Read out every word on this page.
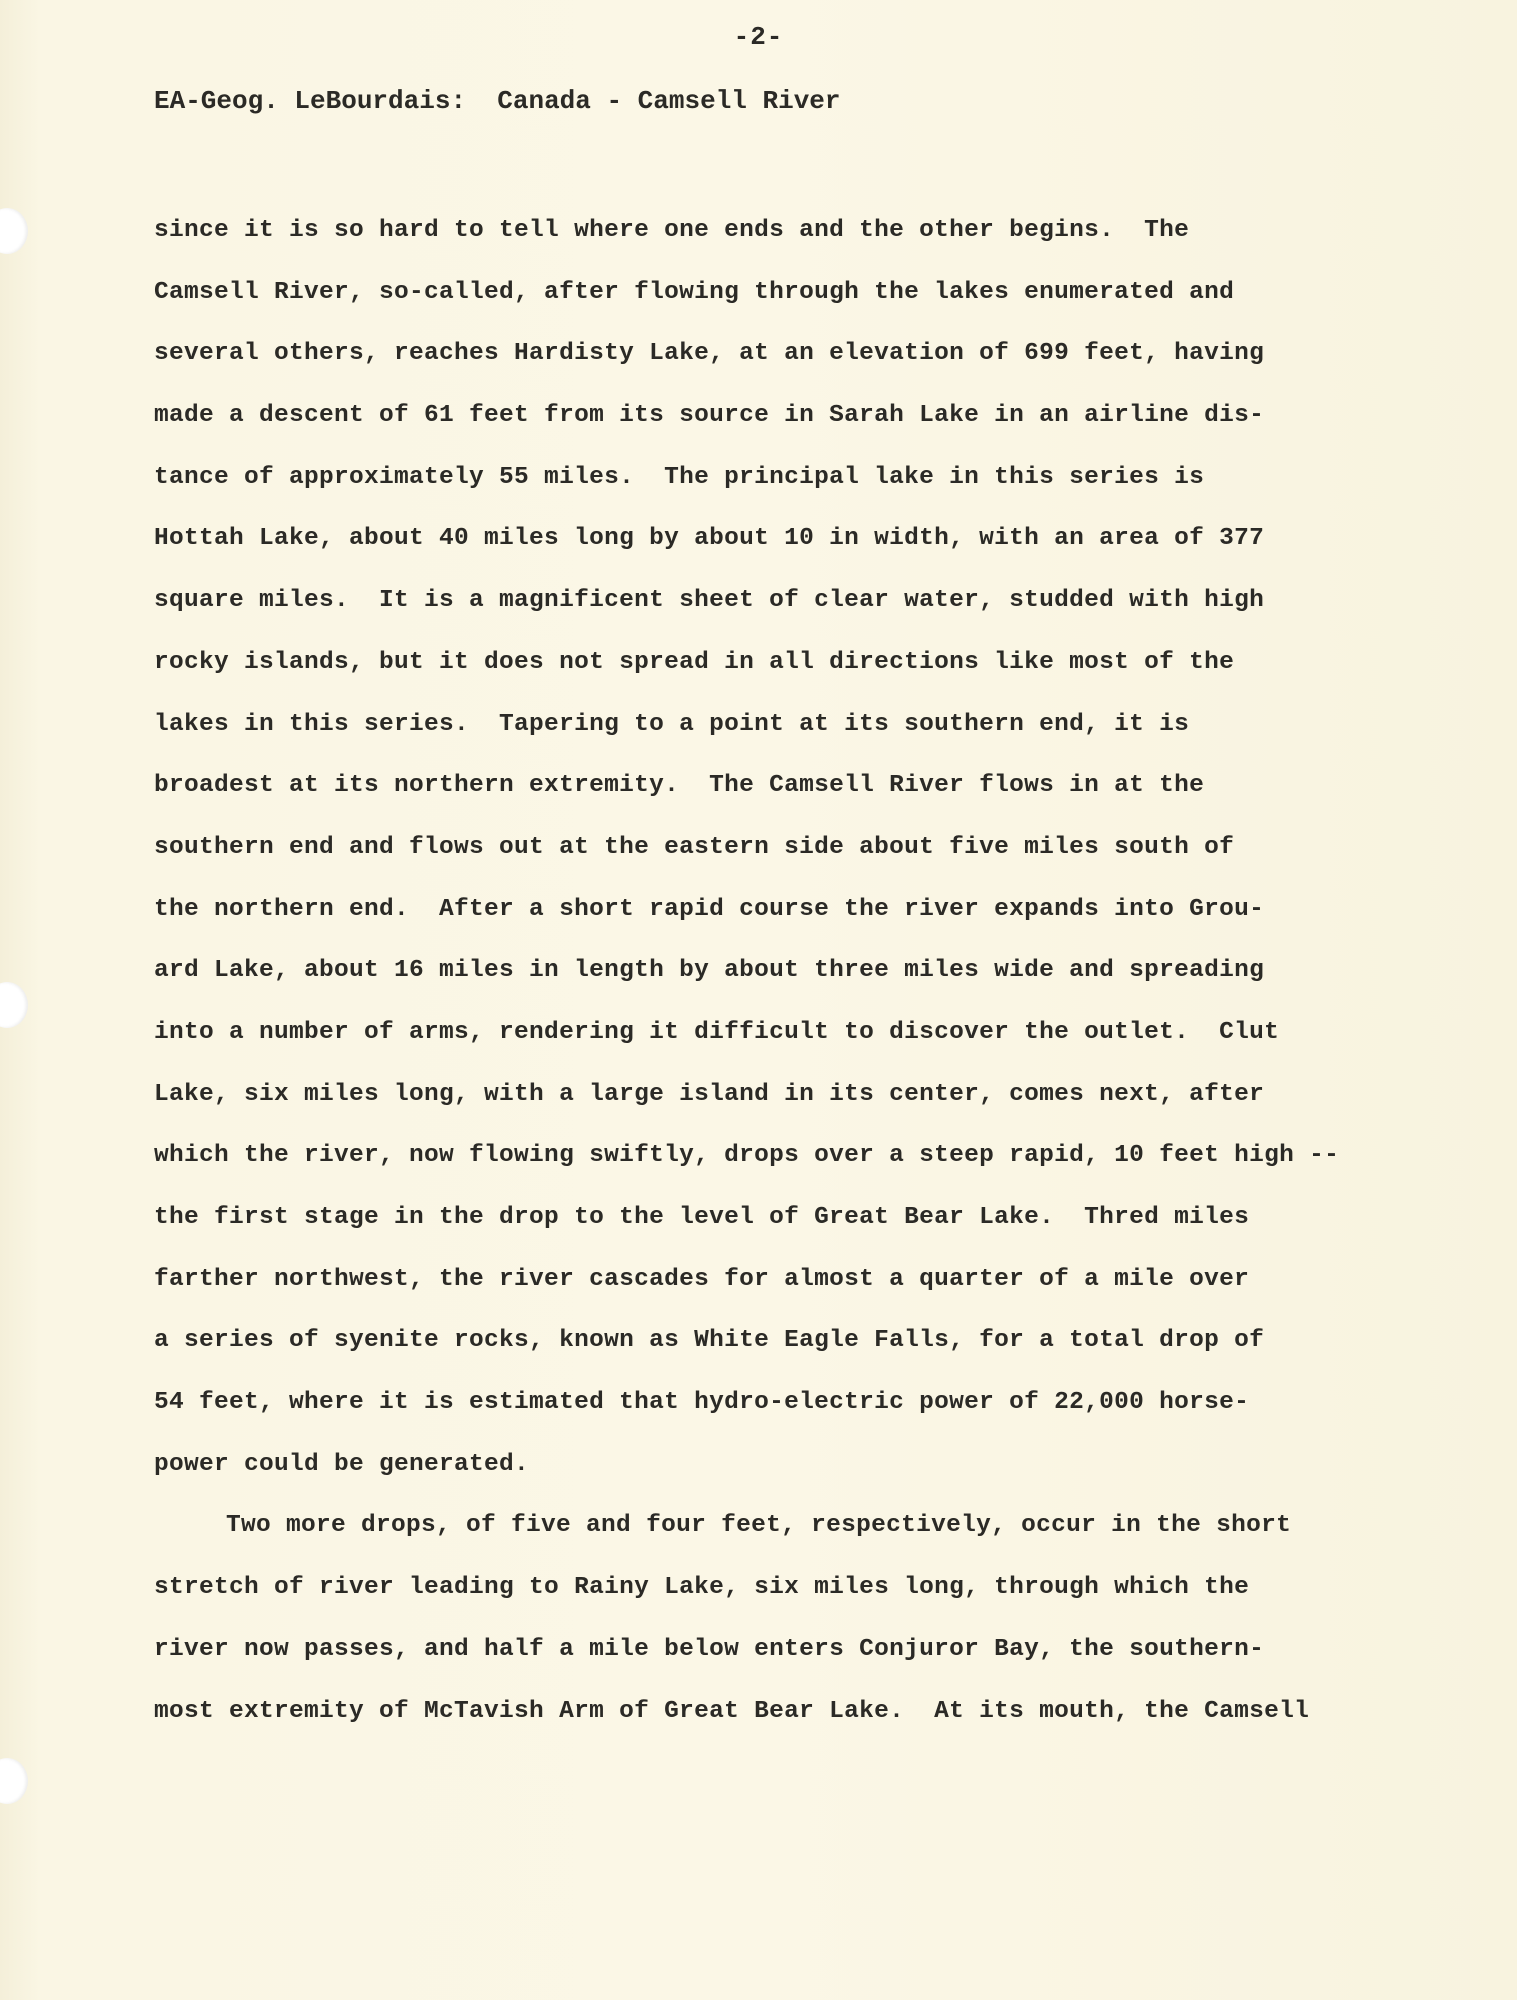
-2-
EA-Geog. LeBourdais:  Canada - Camsell River
since it is so hard to tell where one ends and the other begins.  The
Camsell River, so-called, after flowing through the lakes enumerated and
several others, reaches Hardisty Lake, at an elevation of 699 feet, having
made a descent of 61 feet from its source in Sarah Lake in an airline dis-
tance of approximately 55 miles.  The principal lake in this series is
Hottah Lake, about 40 miles long by about 10 in width, with an area of 377
square miles.  It is a magnificent sheet of clear water, studded with high
rocky islands, but it does not spread in all directions like most of the
lakes in this series.  Tapering to a point at its southern end, it is
broadest at its northern extremity.  The Camsell River flows in at the
southern end and flows out at the eastern side about five miles south of
the northern end.  After a short rapid course the river expands into Grou-
ard Lake, about 16 miles in length by about three miles wide and spreading
into a number of arms, rendering it difficult to discover the outlet.  Clut
Lake, six miles long, with a large island in its center, comes next, after
which the river, now flowing swiftly, drops over a steep rapid, 10 feet high --
the first stage in the drop to the level of Great Bear Lake.  Thred miles
farther northwest, the river cascades for almost a quarter of a mile over
a series of syenite rocks, known as White Eagle Falls, for a total drop of
54 feet, where it is estimated that hydro-electric power of 22,000 horse-
power could be generated.
Two more drops, of five and four feet, respectively, occur in the short
stretch of river leading to Rainy Lake, six miles long, through which the
river now passes, and half a mile below enters Conjuror Bay, the southern-
most extremity of McTavish Arm of Great Bear Lake.  At its mouth, the Camsell
